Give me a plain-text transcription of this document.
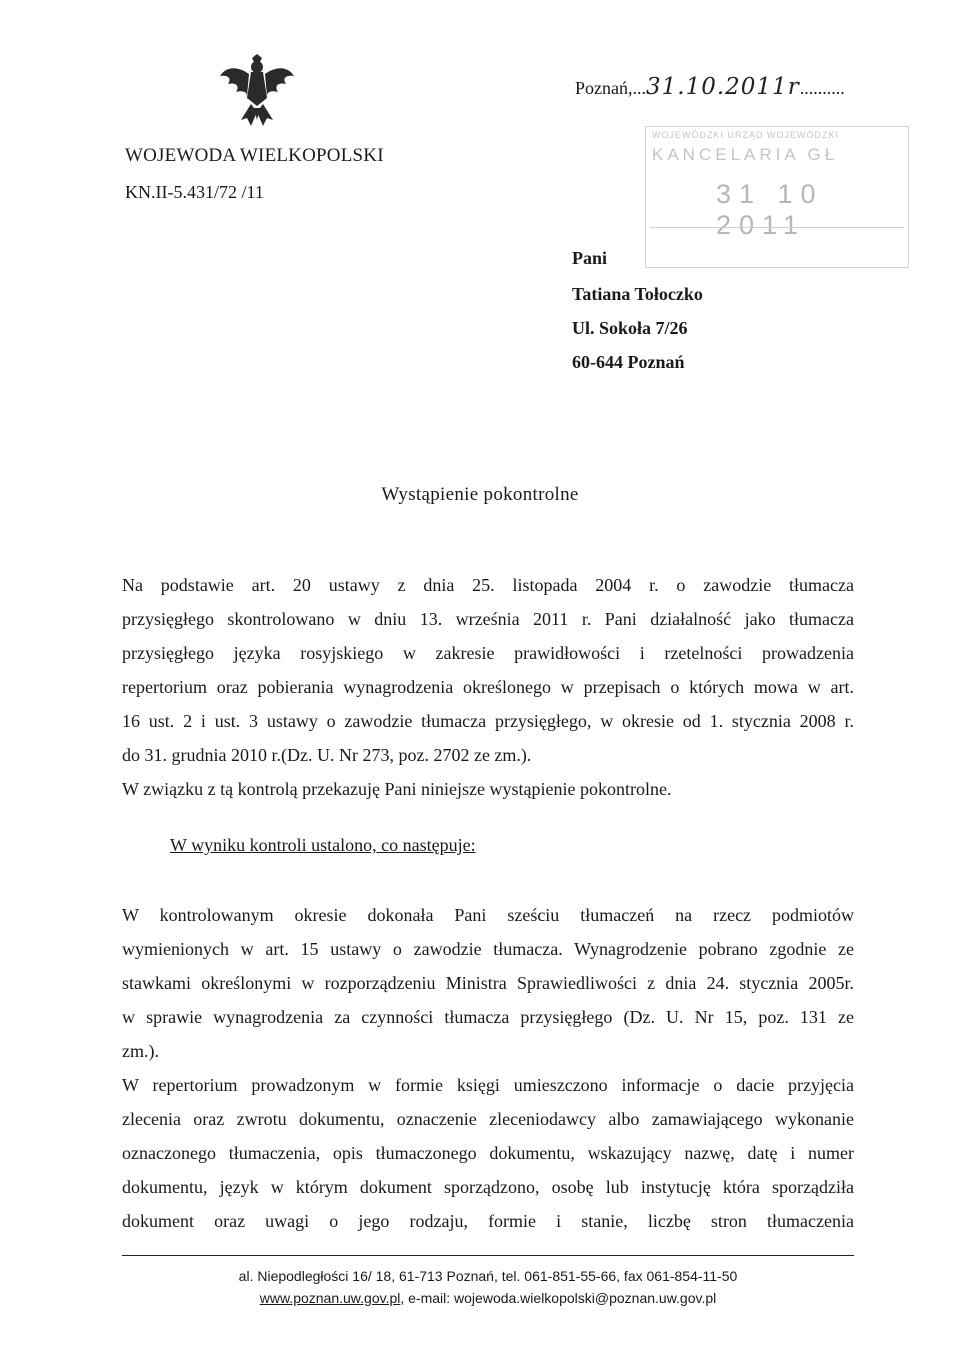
Poznań,...31.10.2011r..........
WOJEWODA WIELKOPOLSKI
KN.II-5.431/72 /11
WOJEWÓDZKI URZĄD WOJEWÓDZKI
KANCELARIA GŁ
31 10 2011
Pani
Tatiana Tołoczko
Ul. Sokoła 7/26
60-644 Poznań
Wystąpienie pokontrolne
Na podstawie art. 20 ustawy z dnia 25. listopada 2004 r. o zawodzie tłumacza
przysięgłego skontrolowano w dniu 13. września 2011 r. Pani działalność jako tłumacza
przysięgłego języka rosyjskiego w zakresie prawidłowości i rzetelności prowadzenia
repertorium oraz pobierania wynagrodzenia określonego w przepisach o których mowa w art.
16 ust. 2 i ust. 3 ustawy o zawodzie tłumacza przysięgłego, w okresie od 1. stycznia 2008 r.
do 31. grudnia 2010 r.(Dz. U. Nr 273, poz. 2702 ze zm.).
W związku z tą kontrolą przekazuję Pani niniejsze wystąpienie pokontrolne.
W wyniku kontroli ustalono, co następuje:
W kontrolowanym okresie dokonała Pani sześciu tłumaczeń na rzecz podmiotów
wymienionych w art. 15 ustawy o zawodzie tłumacza. Wynagrodzenie pobrano zgodnie ze
stawkami określonymi w rozporządzeniu Ministra Sprawiedliwości z dnia 24. stycznia 2005r.
w sprawie wynagrodzenia za czynności tłumacza przysięgłego (Dz. U. Nr 15, poz. 131 ze
zm.).
W repertorium prowadzonym w formie księgi umieszczono informacje o dacie przyjęcia
zlecenia oraz zwrotu dokumentu, oznaczenie zleceniodawcy albo zamawiającego wykonanie
oznaczonego tłumaczenia, opis tłumaczonego dokumentu, wskazujący nazwę, datę i numer
dokumentu, język w którym dokument sporządzono, osobę lub instytucję która sporządziła
dokument oraz uwagi o jego rodzaju, formie i stanie, liczbę stron tłumaczenia
al. Niepodległości 16/ 18, 61-713 Poznań, tel. 061-851-55-66, fax 061-854-11-50
www.poznan.uw.gov.pl, e-mail: wojewoda.wielkopolski@poznan.uw.gov.pl
